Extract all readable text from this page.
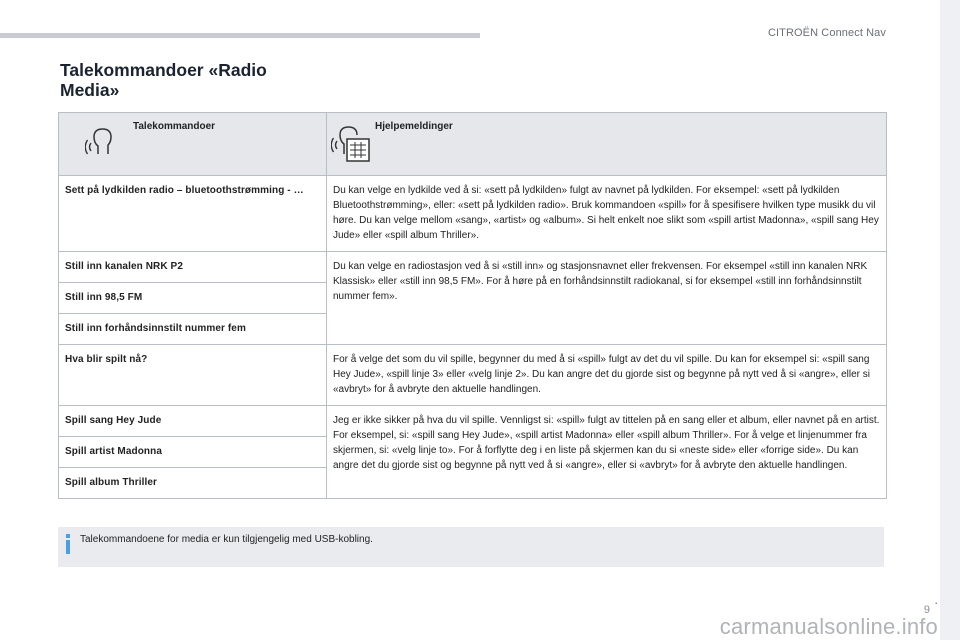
CITROËN Connect Nav
Talekommandoer «Radio
Media»
Talekommandoer	Hjelpemeldinger

Sett på lydkilden radio – bluetoothstrømming - …	Du kan velge en lydkilde ved å si: «sett på lydkilden» fulgt av navnet på lydkilden. For eksempel: «sett på lydkilden Bluetoothstrømming», eller: «sett på lydkilden radio». Bruk kommandoen «spill» for å spesifisere hvilken type musikk du vil høre. Du kan velge mellom «sang», «artist» og «album». Si helt enkelt noe slikt som «spill artist Madonna», «spill sang Hey Jude» eller «spill album Thriller».
Still inn kanalen NRK P2	Du kan velge en radiostasjon ved å si «still inn» og stasjonsnavnet eller frekvensen. For eksempel «still inn kanalen NRK Klassisk» eller «still inn 98,5 FM». For å høre på en forhåndsinnstilt radiokanal, si for eksempel «still inn forhåndsinnstilt nummer fem».
Still inn 98,5 FM	
Still inn forhåndsinnstilt nummer fem	
Hva blir spilt nå?	For å velge det som du vil spille, begynner du med å si «spill» fulgt av det du vil spille. Du kan for eksempel si: «spill sang Hey Jude», «spill linje 3» eller «velg linje 2». Du kan angre det du gjorde sist og begynne på nytt ved å si «angre», eller si «avbryt» for å avbryte den aktuelle handlingen.
Spill sang Hey Jude	Jeg er ikke sikker på hva du vil spille. Vennligst si: «spill» fulgt av tittelen på en sang eller et album, eller navnet på en artist. For eksempel, si: «spill sang Hey Jude», «spill artist Madonna» eller «spill album Thriller». For å velge et linjenummer fra skjermen, si: «velg linje to». For å forflytte deg i en liste på skjermen kan du si «neste side» eller «forrige side». Du kan angre det du gjorde sist og begynne på nytt ved å si «angre», eller si «avbryt» for å avbryte den aktuelle handlingen.
Spill artist Madonna	
Spill album Thriller	
Talekommandoene for media er kun tilgjengelig med USB-kobling.
.
9
carmanualsonline.info
